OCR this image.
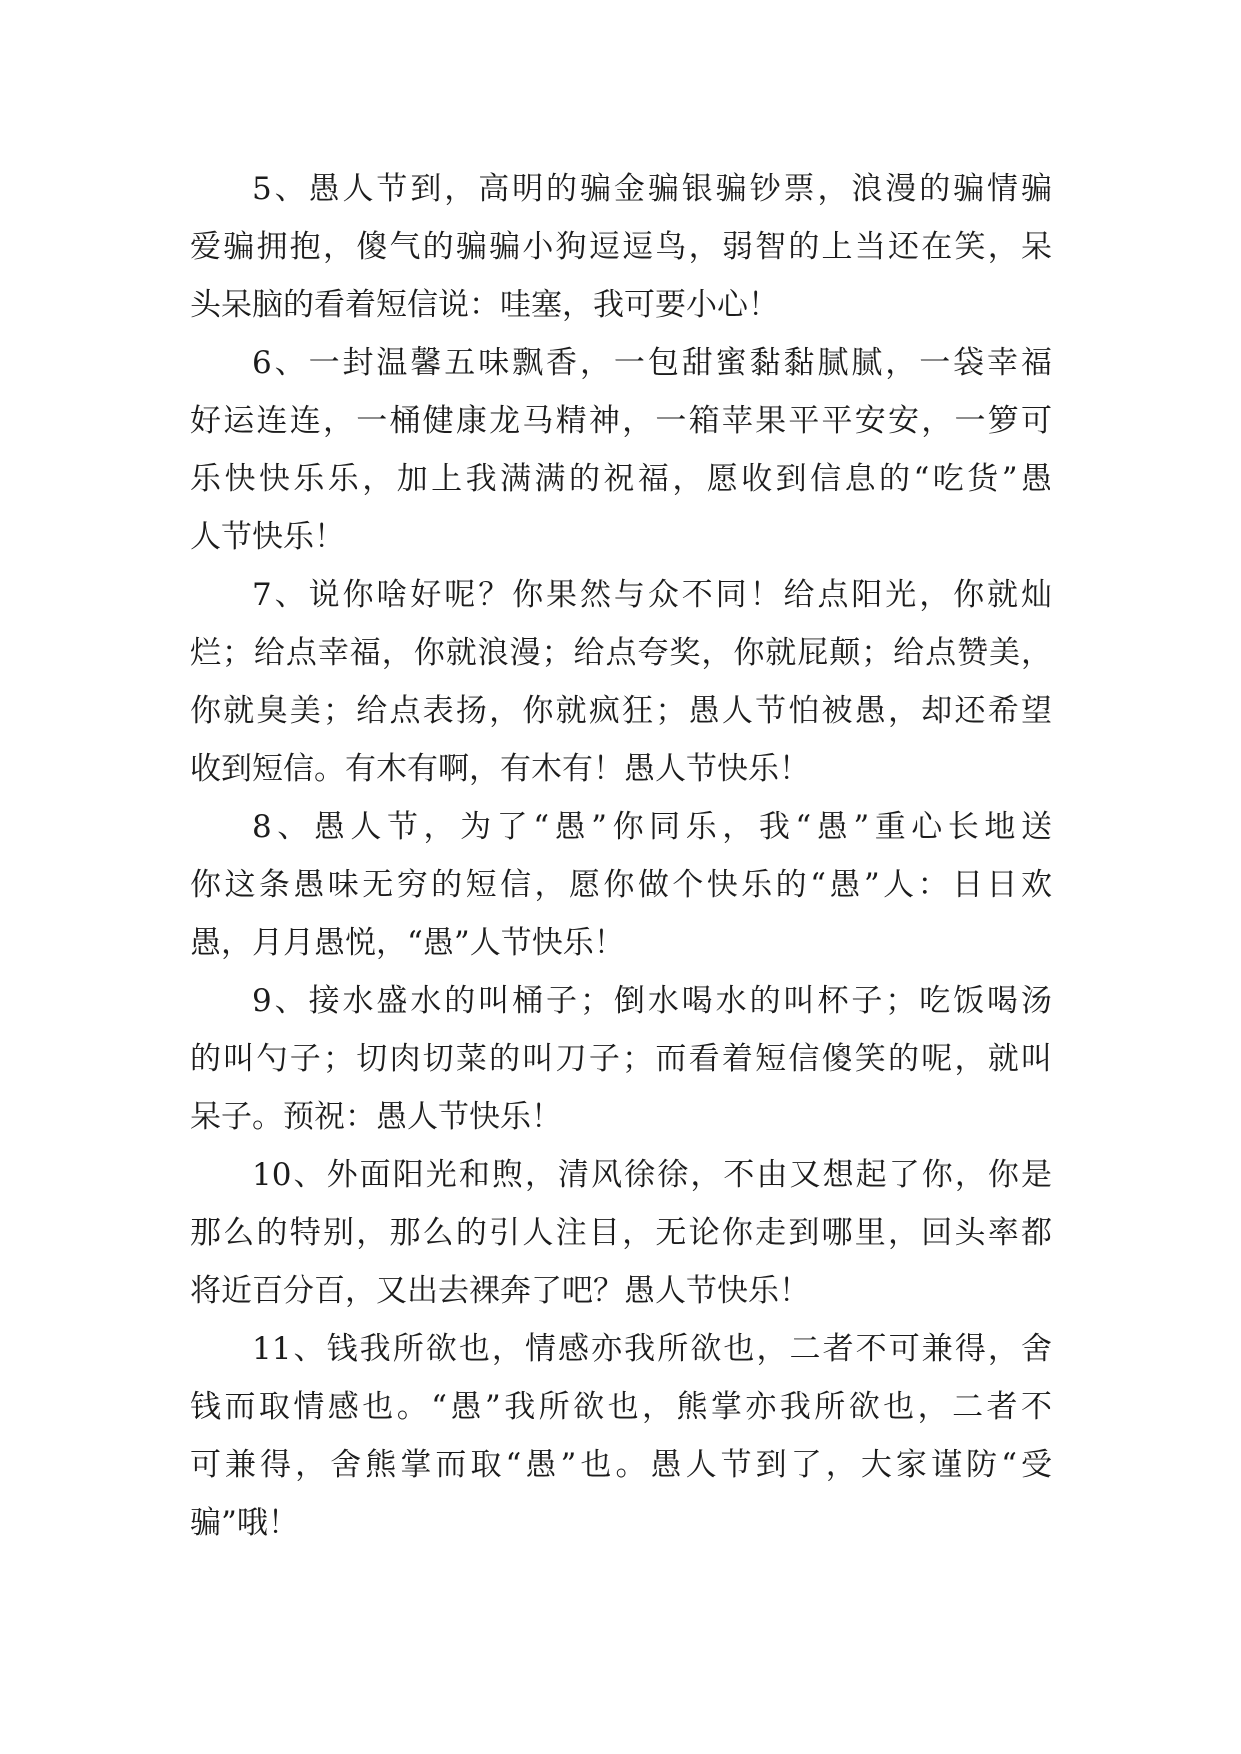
5、愚人节到，高明的骗金骗银骗钞票，浪漫的骗情骗
爱骗拥抱，傻气的骗骗小狗逗逗鸟，弱智的上当还在笑，呆
头呆脑的看着短信说：哇塞，我可要小心！
6、一封温馨五味飘香，一包甜蜜黏黏腻腻，一袋幸福
好运连连，一桶健康龙马精神，一箱苹果平平安安，一箩可
乐快快乐乐，加上我满满的祝福，愿收到信息的“吃货”愚
人节快乐！
7、说你啥好呢？你果然与众不同！给点阳光，你就灿
烂；给点幸福，你就浪漫；给点夸奖，你就屁颠；给点赞美，
你就臭美；给点表扬，你就疯狂；愚人节怕被愚，却还希望
收到短信。有木有啊，有木有！愚人节快乐！
8、愚人节，为了“愚”你同乐，我“愚”重心长地送
你这条愚味无穷的短信，愿你做个快乐的“愚”人：日日欢
愚，月月愚悦，“愚”人节快乐！
9、接水盛水的叫桶子；倒水喝水的叫杯子；吃饭喝汤
的叫勺子；切肉切菜的叫刀子；而看着短信傻笑的呢，就叫
呆子。预祝：愚人节快乐！
10、外面阳光和煦，清风徐徐，不由又想起了你，你是
那么的特别，那么的引人注目，无论你走到哪里，回头率都
将近百分百，又出去裸奔了吧？愚人节快乐！
11、钱我所欲也，情感亦我所欲也，二者不可兼得，舍
钱而取情感也。“愚”我所欲也，熊掌亦我所欲也，二者不
可兼得，舍熊掌而取“愚”也。愚人节到了，大家谨防“受
骗”哦！
